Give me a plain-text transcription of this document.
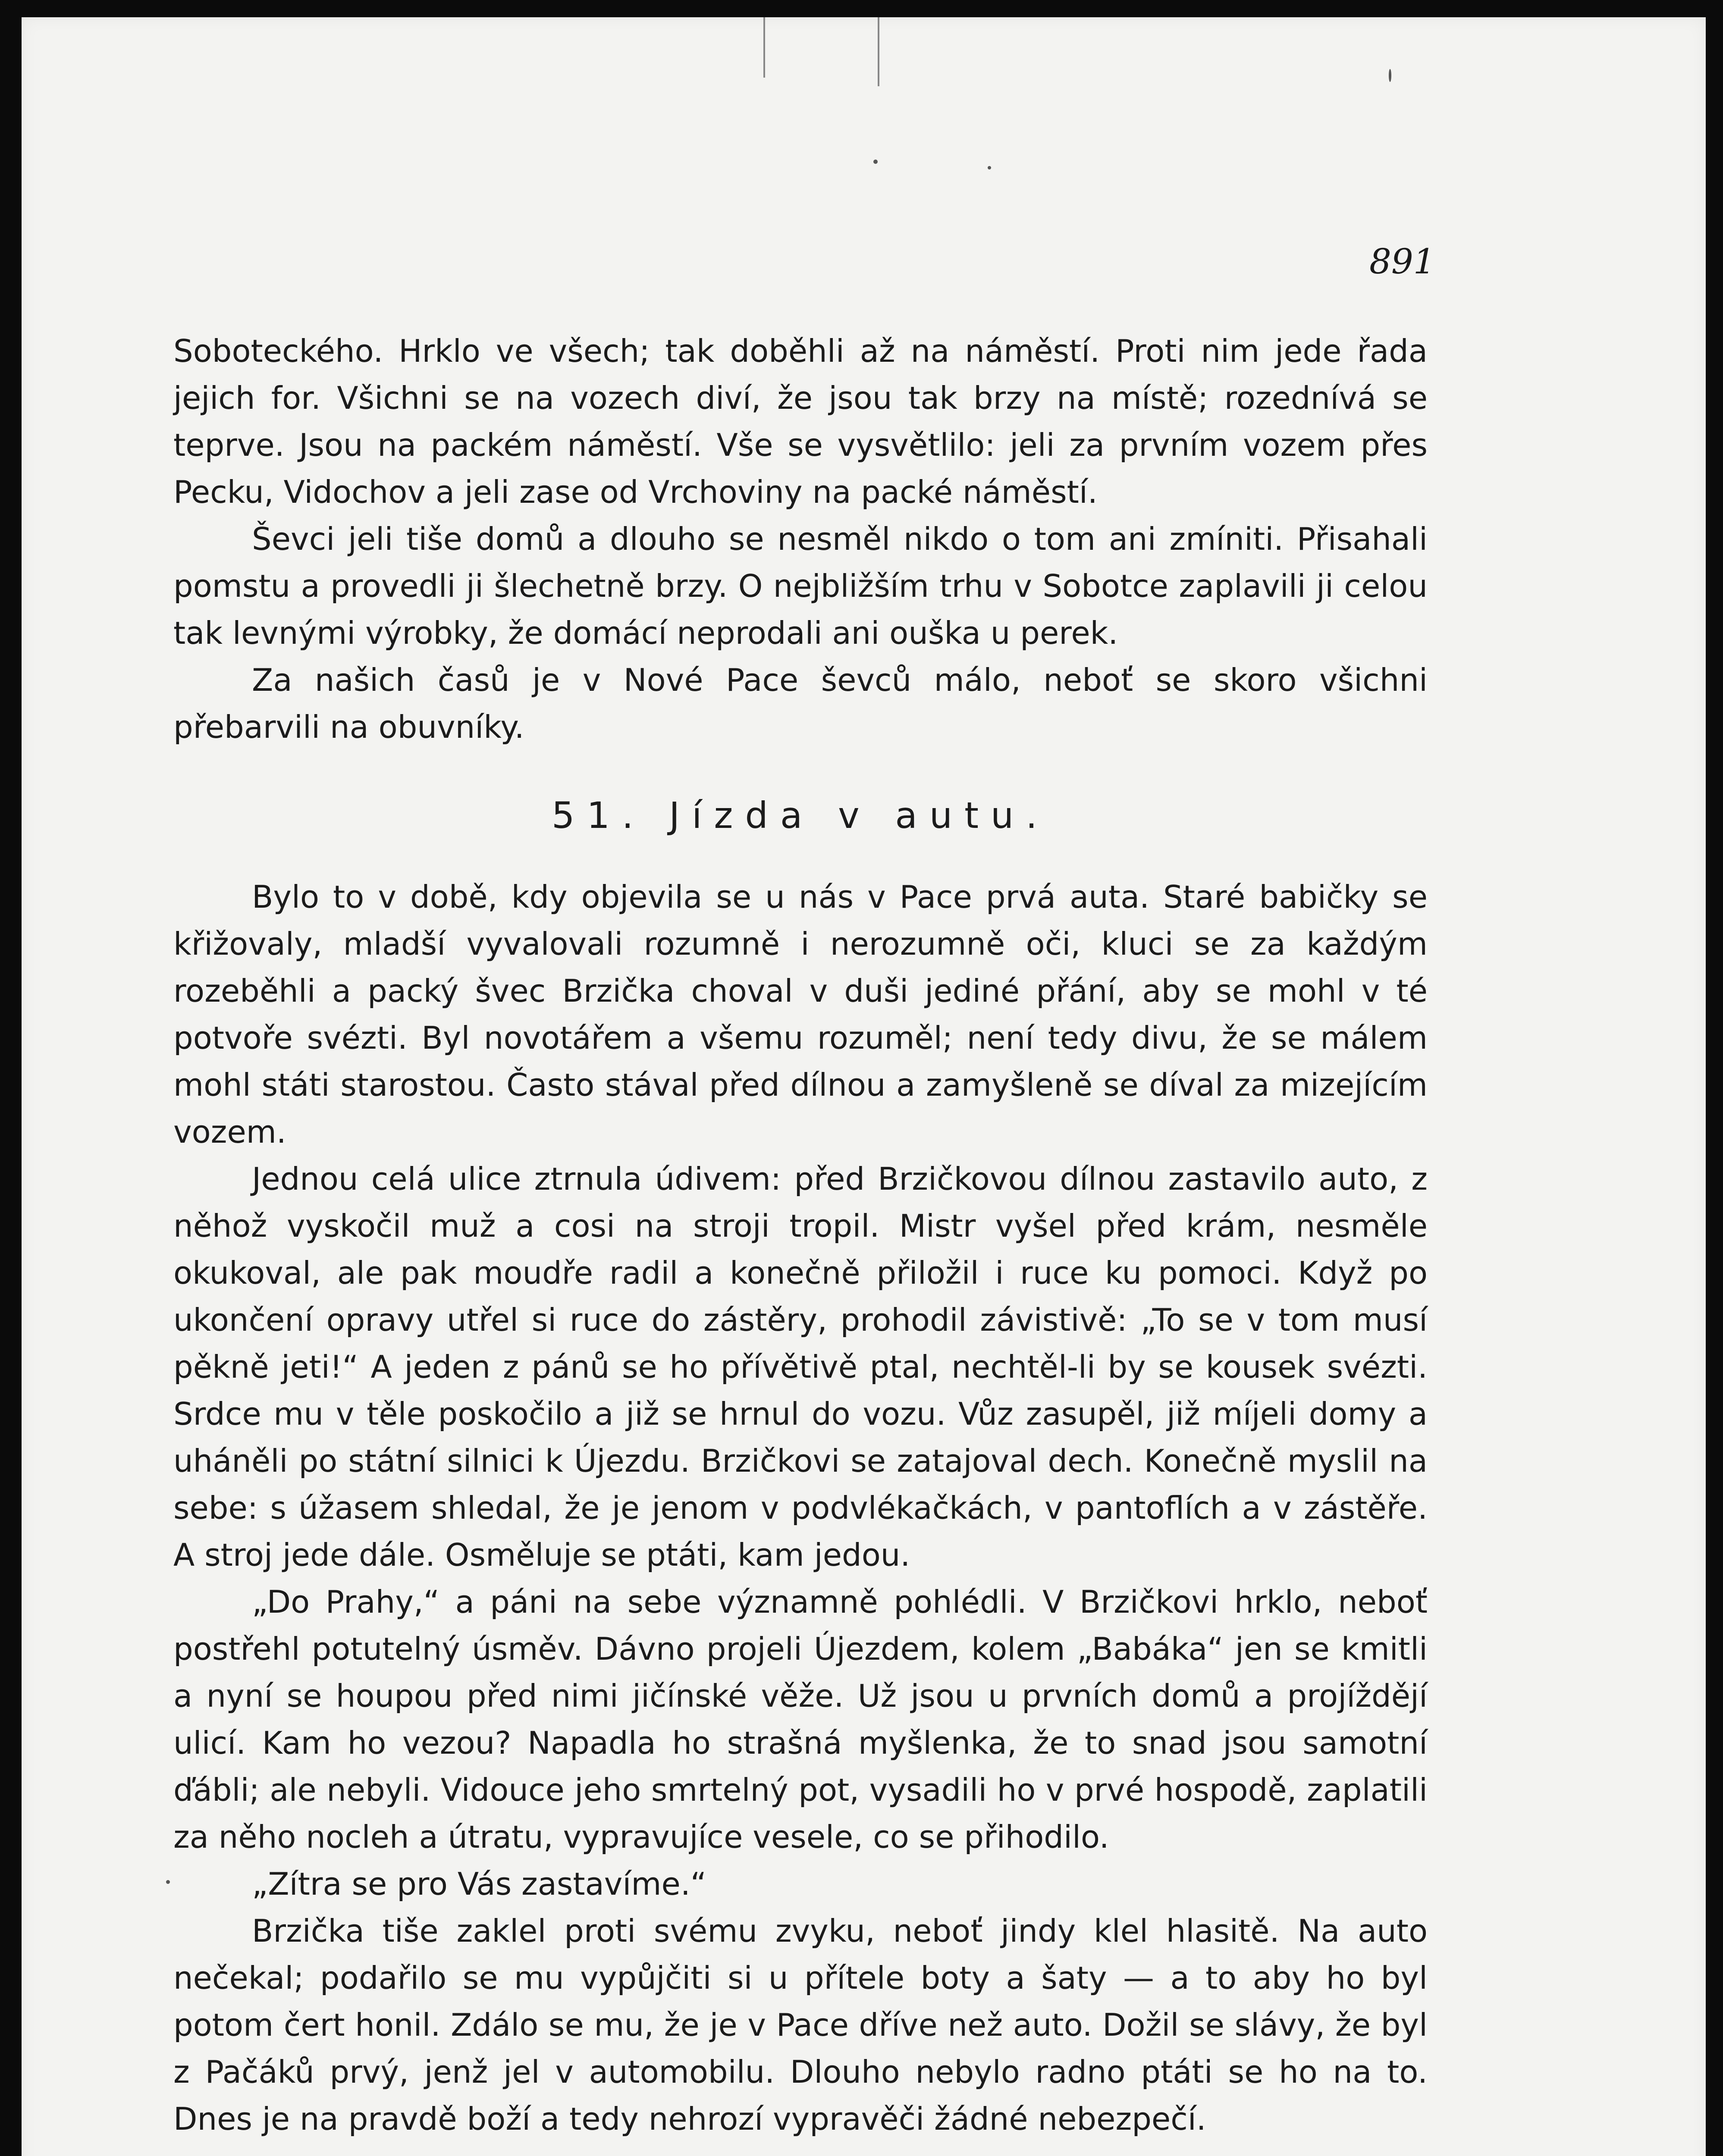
891

Soboteckého. Hrklo ve všech; tak doběhli až na náměstí. Proti nim jede řada jejich for. Všichni se na vozech diví, že jsou tak brzy na místě; rozednívá se teprve. Jsou na packém náměstí. Vše se vysvětlilo: jeli za prvním vozem přes Pecku, Vidochov a jeli zase od Vrchoviny na packé náměstí.

Ševci jeli tiše domů a dlouho se nesměl nikdo o tom ani zmíniti. Přisahali pomstu a provedli ji šlechetně brzy. O nejbližším trhu v Sobotce zaplavili ji celou tak levnými výrobky, že domácí neprodali ani ouška u perek.

Za našich časů je v Nové Pace ševců málo, neboť se skoro všichni přebarvili na obuvníky.

51. Jízda v autu.

Bylo to v době, kdy objevila se u nás v Pace prvá auta. Staré babičky se křižovaly, mladší vyvalovali rozumně i nerozumně oči, kluci se za každým rozeběhli a packý švec Brzička choval v duši jediné přání, aby se mohl v té potvoře svézti. Byl novotářem a všemu rozuměl; není tedy divu, že se málem mohl státi starostou. Často stával před dílnou a zamyšleně se díval za mizejícím vozem.

Jednou celá ulice ztrnula údivem: před Brzičkovou dílnou zastavilo auto, z něhož vyskočil muž a cosi na stroji tropil. Mistr vyšel před krám, nesměle okukoval, ale pak moudře radil a konečně přiložil i ruce ku pomoci. Když po ukončení opravy utřel si ruce do zástěry, prohodil závistivě: „To se v tom musí pěkně jeti!“ A jeden z pánů se ho přívětivě ptal, nechtěl-li by se kousek svézti. Srdce mu v těle poskočilo a již se hrnul do vozu. Vůz zasupěl, již míjeli domy a uháněli po státní silnici k Újezdu. Brzičkovi se zatajoval dech. Konečně myslil na sebe: s úžasem shledal, že je jenom v podvlékačkách, v pantoflích a v zástěře. A stroj jede dále. Osměluje se ptáti, kam jedou.

„Do Prahy,“ a páni na sebe významně pohlédli. V Brzičkovi hrklo, neboť postřehl potutelný úsměv. Dávno projeli Újezdem, kolem „Babáka“ jen se kmitli a nyní se houpou před nimi jičínské věže. Už jsou u prvních domů a projíždějí ulicí. Kam ho vezou? Napadla ho strašná myšlenka, že to snad jsou samotní ďábli; ale nebyli. Vidouce jeho smrtelný pot, vysadili ho v prvé hospodě, zaplatili za něho nocleh a útratu, vypravujíce vesele, co se přihodilo.

„Zítra se pro Vás zastavíme.“

Brzička tiše zaklel proti svému zvyku, neboť jindy klel hlasitě. Na auto nečekal; podařilo se mu vypůjčiti si u přítele boty a šaty — a to aby ho byl potom čert honil. Zdálo se mu, že je v Pace dříve než auto. Dožil se slávy, že byl z Pačáků prvý, jenž jel v automobilu. Dlouho nebylo radno ptáti se ho na to. Dnes je na pravdě boží a tedy nehrozí vypravěči žádné nebezpečí.
